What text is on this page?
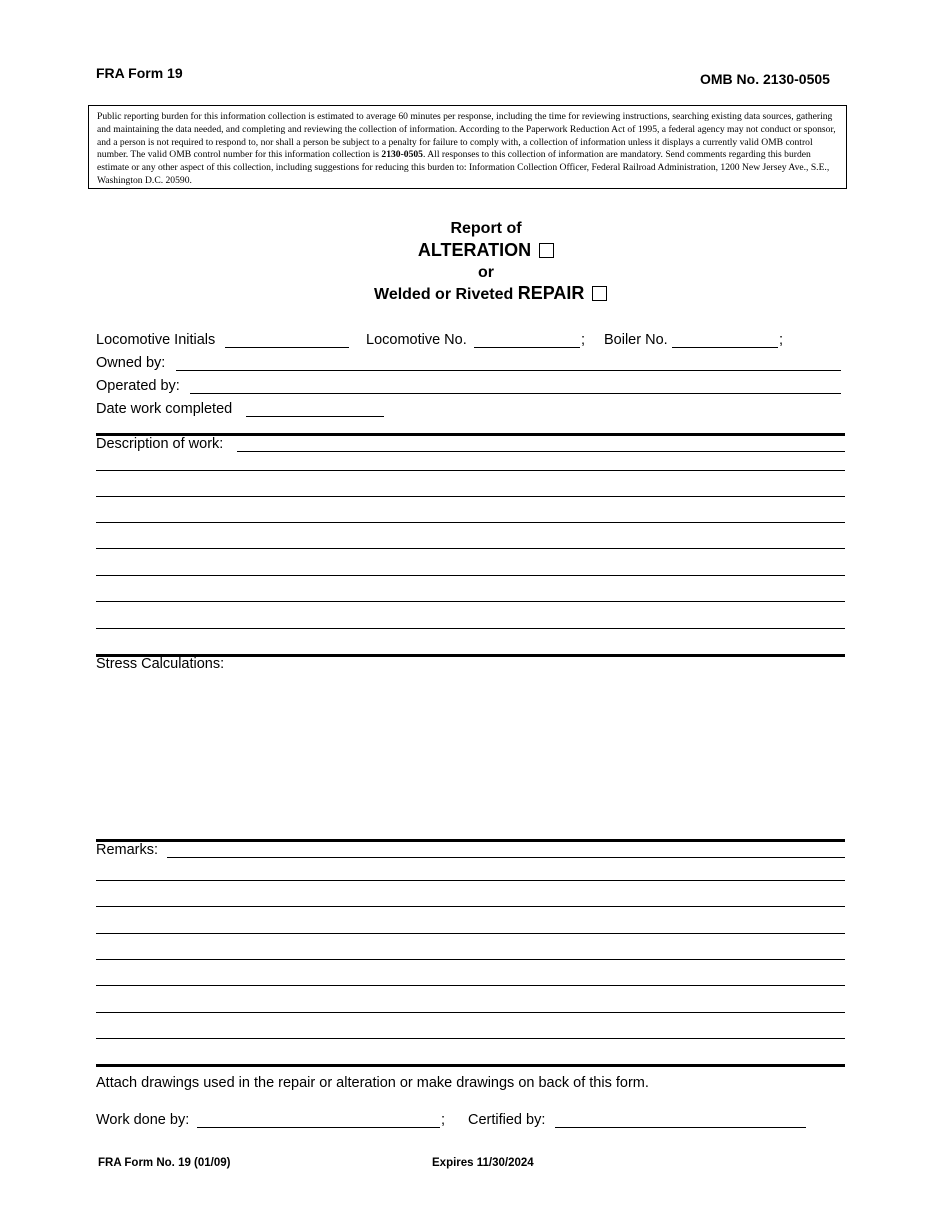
FRA Form 19	OMB No. 2130-0505
Public reporting burden for this information collection is estimated to average 60 minutes per response, including the time for reviewing instructions, searching existing data sources, gathering and maintaining the data needed, and completing and reviewing the collection of information. According to the Paperwork Reduction Act of 1995, a federal agency may not conduct or sponsor, and a person is not required to respond to, nor shall a person be subject to a penalty for failure to comply with, a collection of information unless it displays a currently valid OMB control number. The valid OMB control number for this information collection is 2130-0505. All responses to this collection of information are mandatory. Send comments regarding this burden estimate or any other aspect of this collection, including suggestions for reducing this burden to: Information Collection Officer, Federal Railroad Administration, 1200 New Jersey Ave., S.E., Washington D.C. 20590.
Report of
ALTERATION
or
Welded or Riveted REPAIR
Locomotive Initials	Locomotive No.	; Boiler No.	;
Owned by:
Operated by:
Date work completed
Description of work:
Stress Calculations:
Remarks:
Attach drawings used in the repair or alteration or make drawings on back of this form.
Work done by:	; Certified by:
FRA Form No. 19 (01/09)	Expires 11/30/2024
